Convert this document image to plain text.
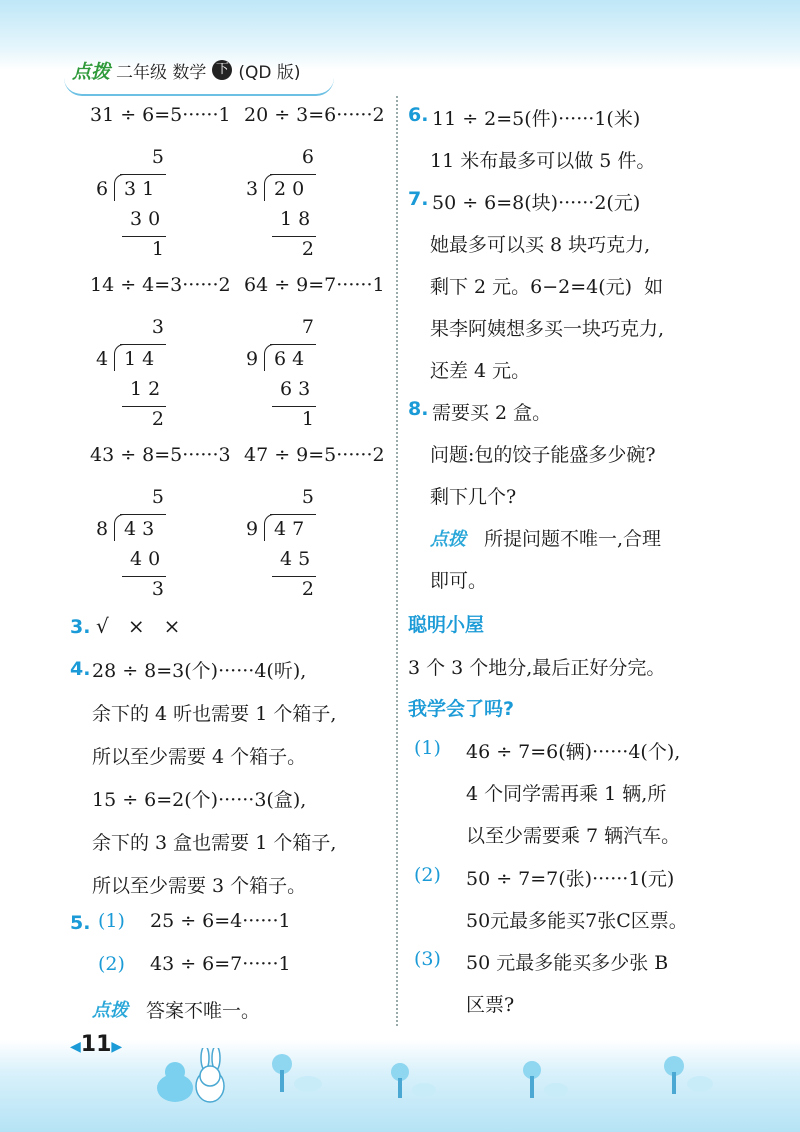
点拨 二年级 数学 下 (QD 版)
31 ÷ 6=5······1 20 ÷ 3=6······2
5
6 31
30
1
6
3 20
18
2
14 ÷ 4=3······2 64 ÷ 9=7······1
3
4 14
12
2
7
9 64
63
1
43 ÷ 8=5······3 47 ÷ 9=5······2
5
8 43
40
3
5
9 47
45
2
3. √   ×   ×
4. 28 ÷ 8=3(个)······4(听),
余下的 4 听也需要 1 个箱子,
所以至少需要 4 个箱子。
15 ÷ 6=2(个)······3(盒),
余下的 3 盒也需要 1 个箱子,
所以至少需要 3 个箱子。
5. (1) 25 ÷ 6=4······1
(2) 43 ÷ 6=7······1
点拨 答案不唯一。
6. 11 ÷ 2=5(件)······1(米)
11 米布最多可以做 5 件。
7. 50 ÷ 6=8(块)······2(元)
她最多可以买 8 块巧克力,
剩下 2 元。6−2=4(元)  如
果李阿姨想多买一块巧克力,
还差 4 元。
8. 需要买 2 盒。
问题:包的饺子能盛多少碗?
剩下几个?
点拨 所提问题不唯一,合理
即可。
聪明小屋
3 个 3 个地分,最后正好分完。
我学会了吗?
(1) 46 ÷ 7=6(辆)······4(个),
4 个同学需再乘 1 辆,所
以至少需要乘 7 辆汽车。
(2) 50 ÷ 7=7(张)······1(元)
50元最多能买7张C区票。
(3) 50 元最多能买多少张 B
区票?
◀11▶
